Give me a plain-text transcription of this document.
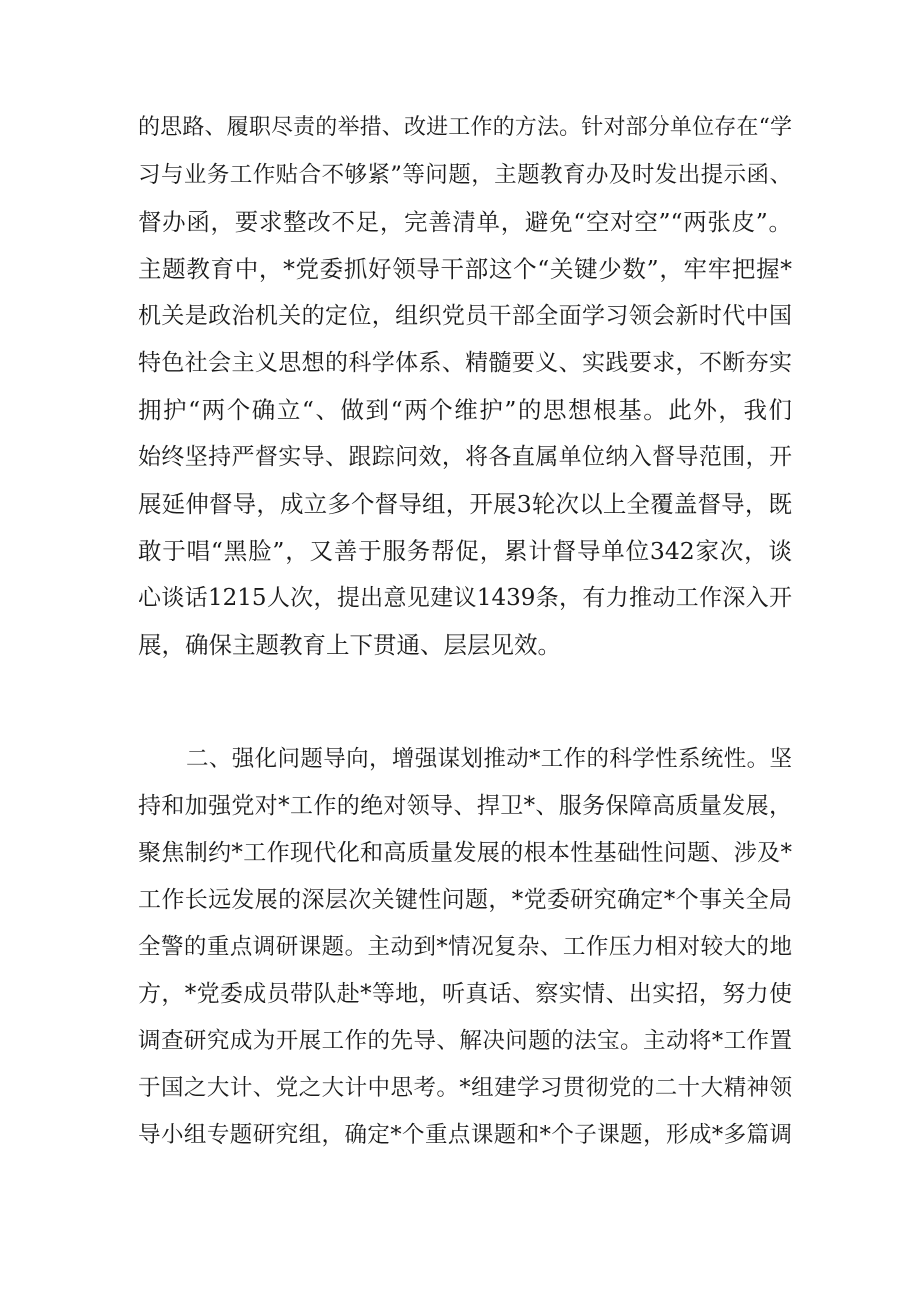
的思路、履职尽责的举措、改进工作的方法。针对部分单位存在“学
习与业务工作贴合不够紧”等问题，主题教育办及时发出提示函、
督办函，要求整改不足，完善清单，避免“空对空”“两张皮”。
主题教育中，*党委抓好领导干部这个“关键少数”，牢牢把握*
机关是政治机关的定位，组织党员干部全面学习领会新时代中国
特色社会主义思想的科学体系、精髓要义、实践要求，不断夯实
拥护“两个确立“、做到“两个维护”的思想根基。此外，我们
始终坚持严督实导、跟踪问效，将各直属单位纳入督导范围，开
展延伸督导，成立多个督导组，开展3轮次以上全覆盖督导，既
敢于唱“黑脸”，又善于服务帮促，累计督导单位342家次，谈
心谈话1215人次，提出意见建议1439条，有力推动工作深入开
展，确保主题教育上下贯通、层层见效。
二、强化问题导向，增强谋划推动*工作的科学性系统性。坚
持和加强党对*工作的绝对领导、捍卫*、服务保障高质量发展，
聚焦制约*工作现代化和高质量发展的根本性基础性问题、涉及*
工作长远发展的深层次关键性问题，*党委研究确定*个事关全局
全警的重点调研课题。主动到*情况复杂、工作压力相对较大的地
方，*党委成员带队赴*等地，听真话、察实情、出实招，努力使
调查研究成为开展工作的先导、解决问题的法宝。主动将*工作置
于国之大计、党之大计中思考。*组建学习贯彻党的二十大精神领
导小组专题研究组，确定*个重点课题和*个子课题，形成*多篇调
